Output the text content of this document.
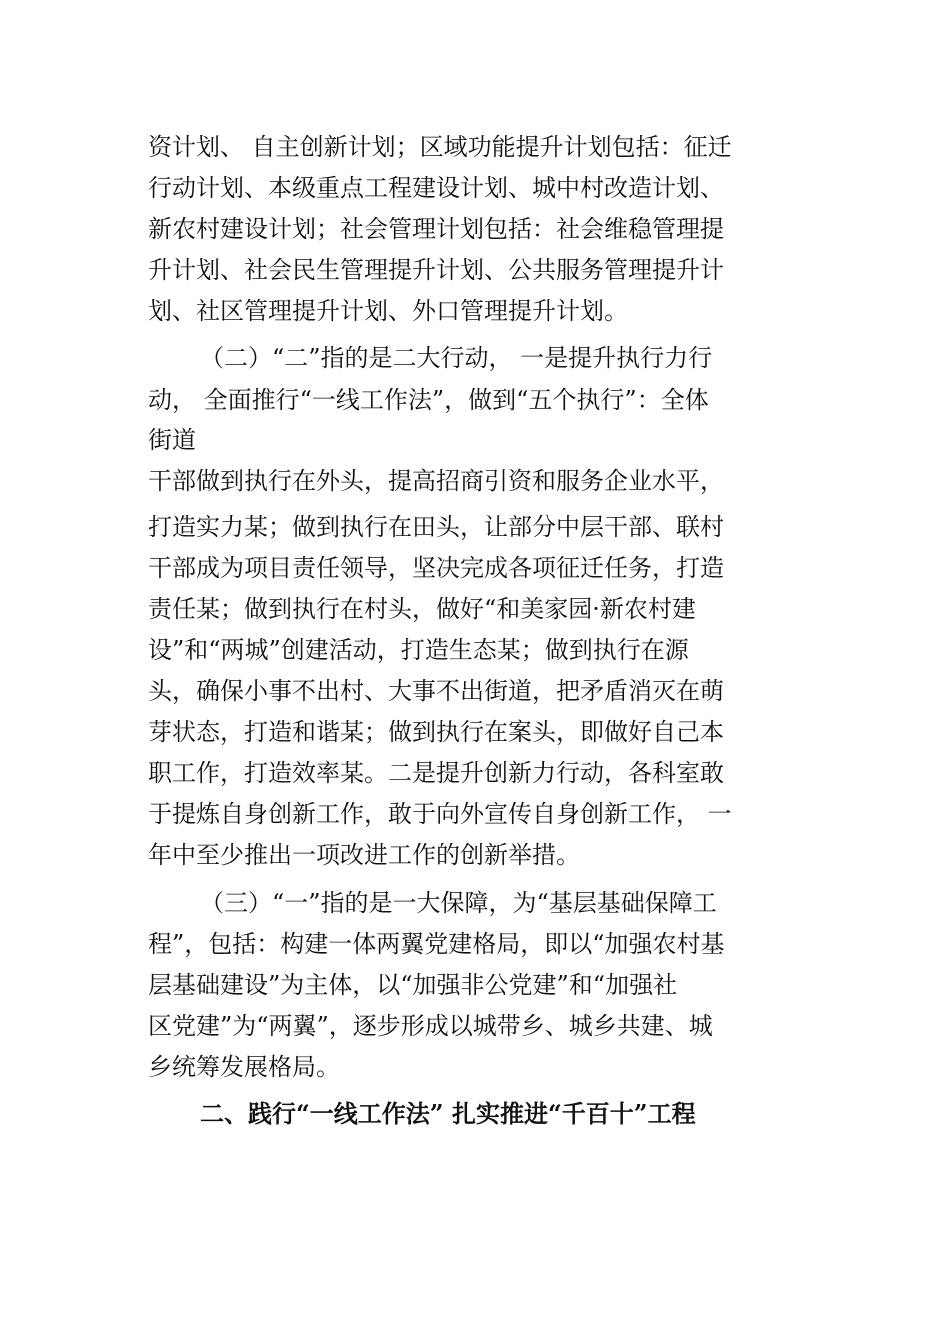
资计划、 自主创新计划；区域功能提升计划包括：征迁
行动计划、本级重点工程建设计划、城中村改造计划、
新农村建设计划；社会管理计划包括：社会维稳管理提
升计划、社会民生管理提升计划、公共服务管理提升计
划、社区管理提升计划、外口管理提升计划。
（二）“二”指的是二大行动， 一是提升执行力行
动， 全面推行“一线工作法”，做到“五个执行”：全体
街道
干部做到执行在外头，提高招商引资和服务企业水平，
打造实力某；做到执行在田头，让部分中层干部、联村
干部成为项目责任领导，坚决完成各项征迁任务，打造
责任某；做到执行在村头，做好“和美家园·新农村建
设”和“两城”创建活动，打造生态某；做到执行在源
头，确保小事不出村、大事不出街道，把矛盾消灭在萌
芽状态，打造和谐某；做到执行在案头，即做好自己本
职工作，打造效率某。二是提升创新力行动，各科室敢
于提炼自身创新工作，敢于向外宣传自身创新工作， 一
年中至少推出一项改进工作的创新举措。
（三）“一”指的是一大保障，为“基层基础保障工
程”，包括：构建一体两翼党建格局，即以“加强农村基
层基础建设”为主体，以“加强非公党建”和“加强社
区党建”为“两翼”，逐步形成以城带乡、城乡共建、城
乡统筹发展格局。
二、践行“一线工作法” 扎实推进“千百十”工程
